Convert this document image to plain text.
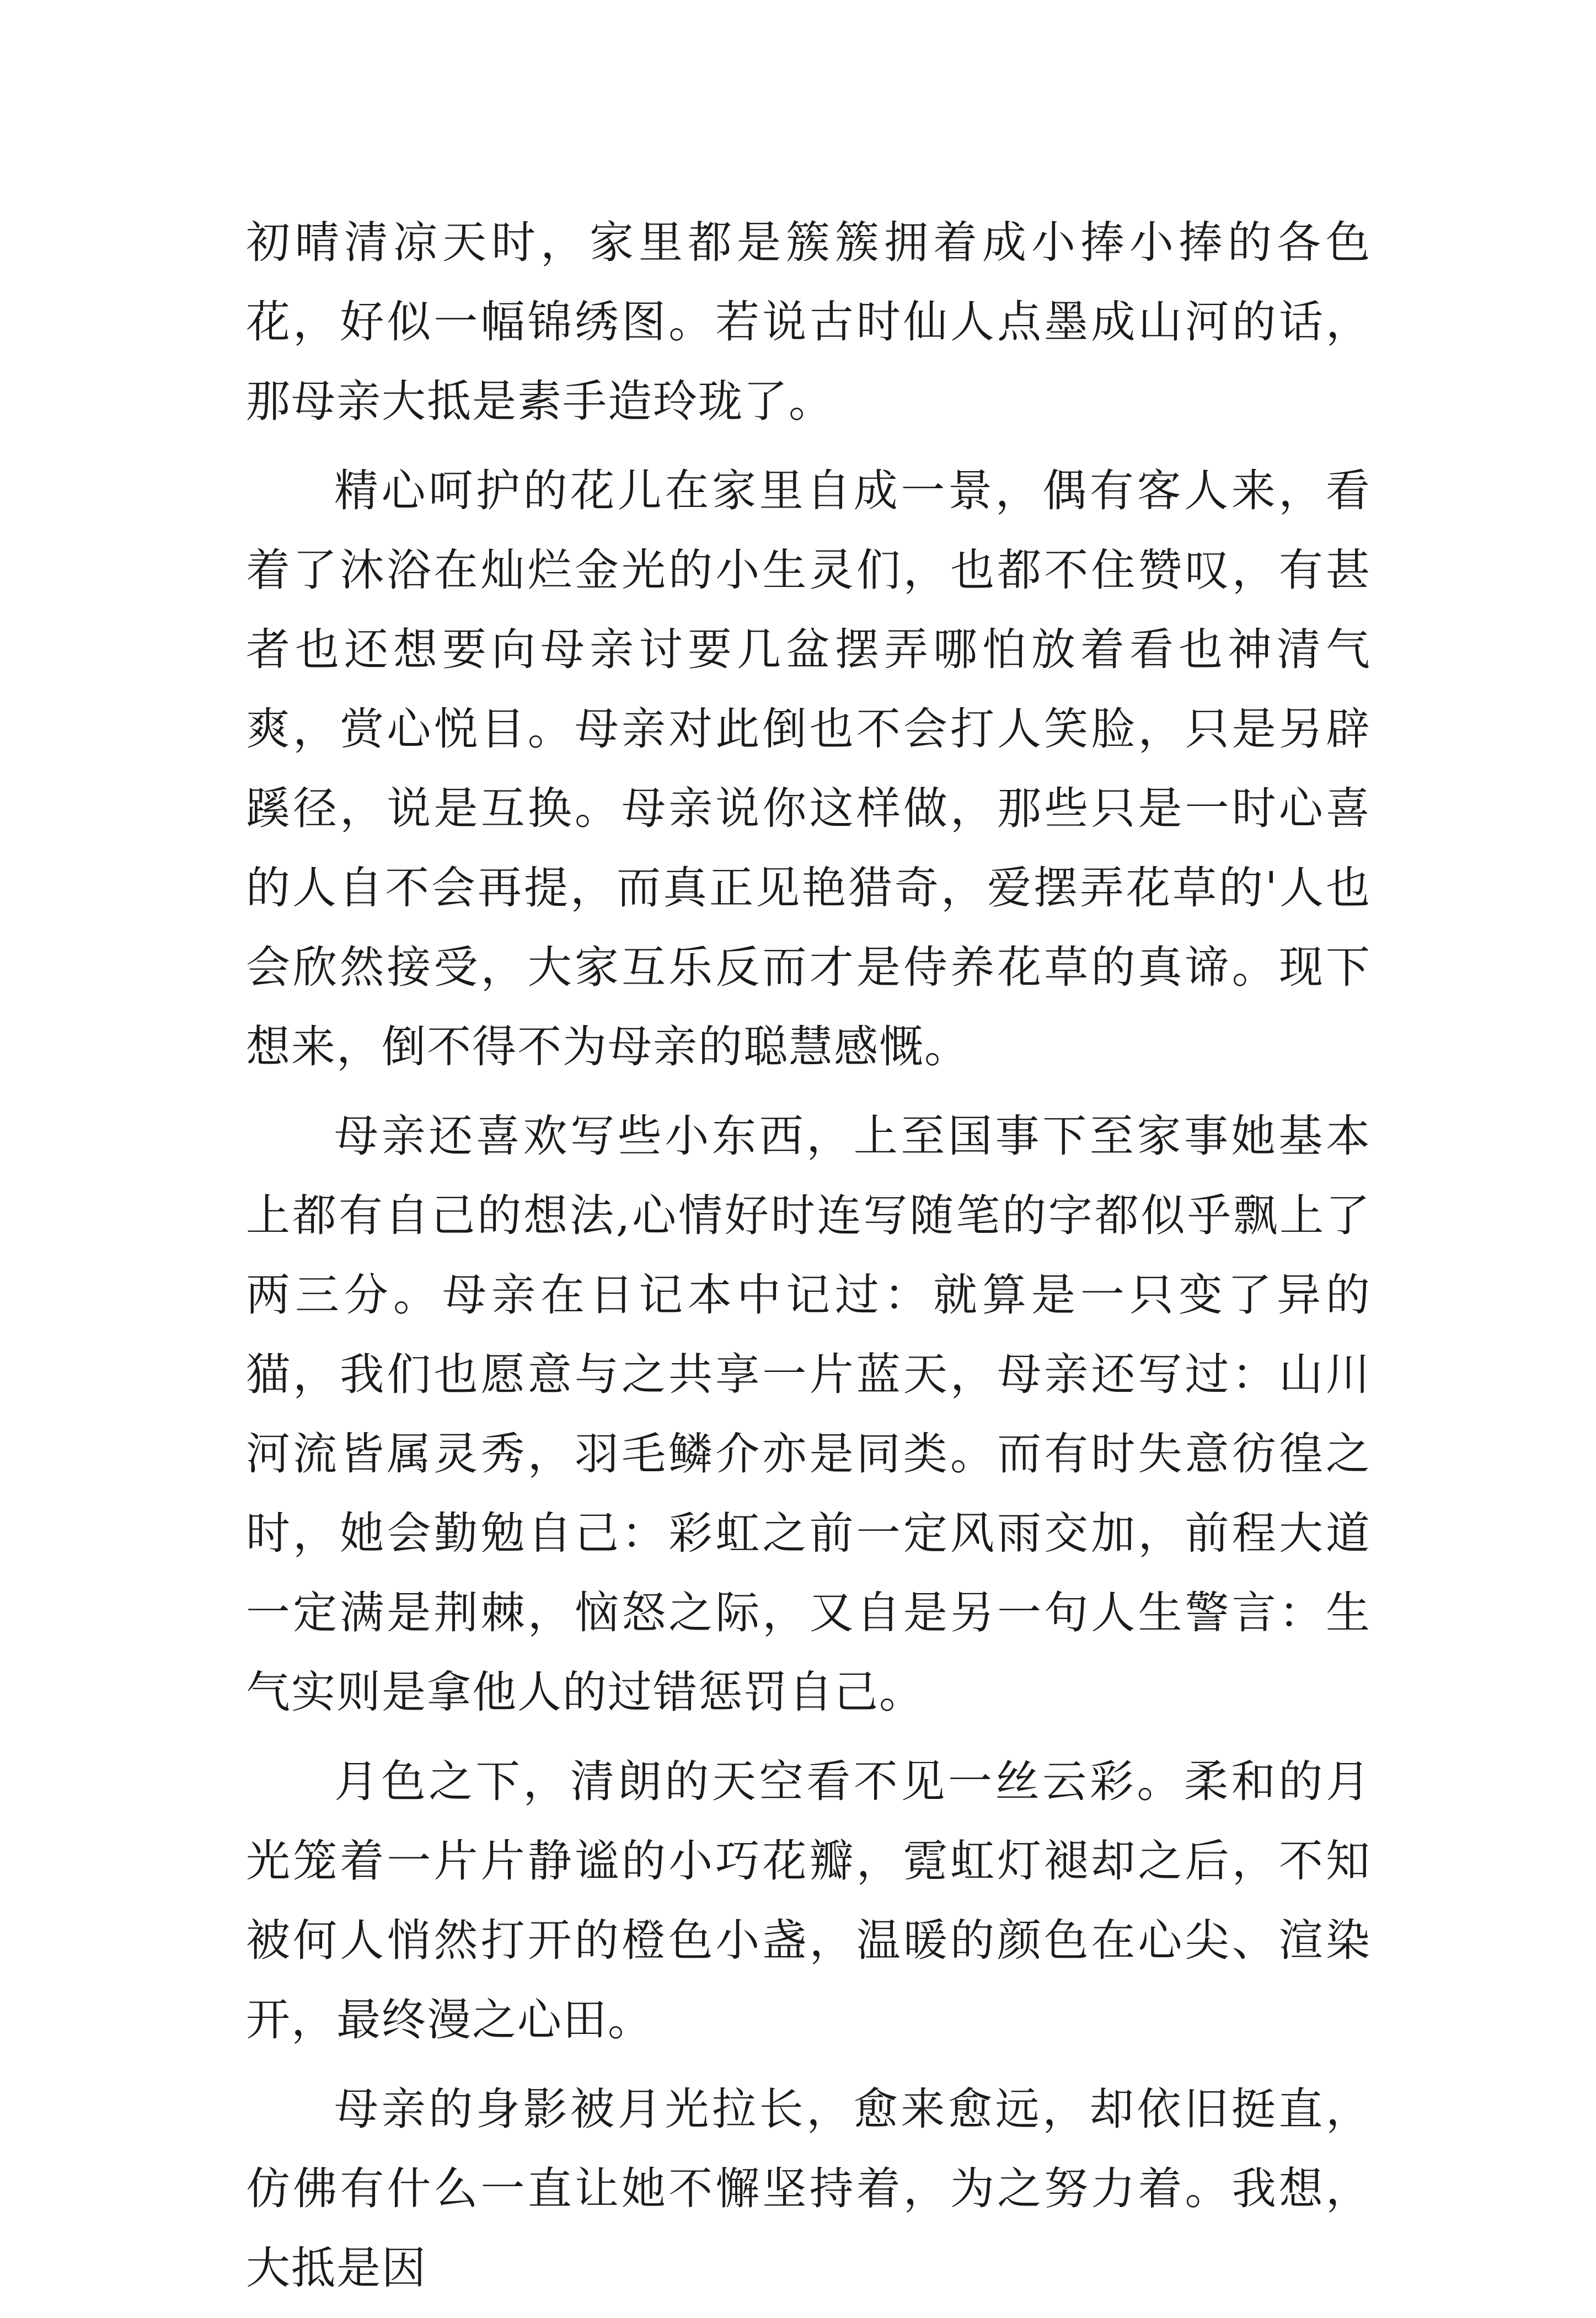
初晴清凉天时，家里都是簇簇拥着成小捧小捧的各色花，好似一幅锦绣图。若说古时仙人点墨成山河的话，那母亲大抵是素手造玲珑了。

精心呵护的花儿在家里自成一景，偶有客人来，看着了沐浴在灿烂金光的小生灵们，也都不住赞叹，有甚者也还想要向母亲讨要几盆摆弄哪怕放着看也神清气爽，赏心悦目。母亲对此倒也不会打人笑脸，只是另辟蹊径，说是互换。母亲说你这样做，那些只是一时心喜的人自不会再提，而真正见艳猎奇，爱摆弄花草的'人也会欣然接受，大家互乐反而才是侍养花草的真谛。现下想来，倒不得不为母亲的聪慧感慨。

母亲还喜欢写些小东西，上至国事下至家事她基本上都有自己的想法,心情好时连写随笔的字都似乎飘上了两三分。母亲在日记本中记过：就算是一只变了异的猫，我们也愿意与之共享一片蓝天，母亲还写过：山川河流皆属灵秀，羽毛鳞介亦是同类。而有时失意彷徨之时，她会勤勉自己：彩虹之前一定风雨交加，前程大道一定满是荆棘，恼怒之际，又自是另一句人生警言：生气实则是拿他人的过错惩罚自己。

月色之下，清朗的天空看不见一丝云彩。柔和的月光笼着一片片静谧的小巧花瓣，霓虹灯褪却之后，不知被何人悄然打开的橙色小盏，温暖的颜色在心尖、渲染开，最终漫之心田。

母亲的身影被月光拉长，愈来愈远，却依旧挺直，仿佛有什么一直让她不懈坚持着，为之努力着。我想，大抵是因
